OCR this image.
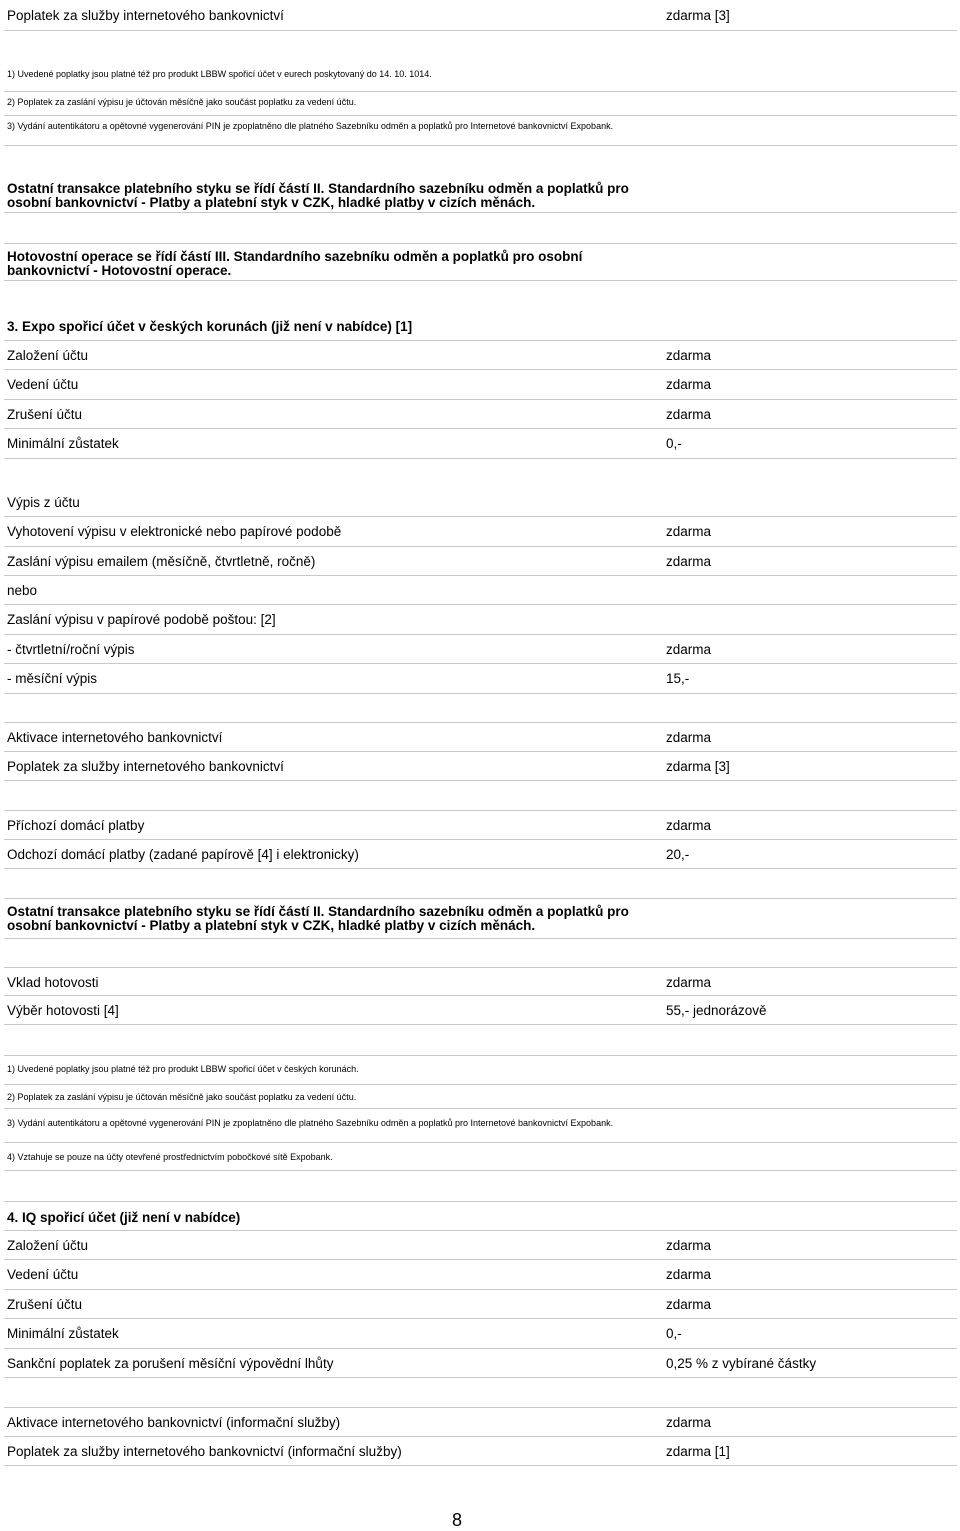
Poplatek za služby internetového bankovnictví	zdarma [3]
1) Uvedené poplatky jsou platné též pro produkt LBBW spořicí účet v eurech poskytovaný do 14. 10. 1014.
2) Poplatek za zaslání výpisu je účtován měsíčně jako součást poplatku za vedení účtu.
3) Vydání autentikátoru a opětovné vygenerování PIN je zpoplatněno dle platného Sazebníku odměn a poplatků pro Internetové bankovnictví Expobank.
Ostatní transakce platebního styku se řídí částí II. Standardního sazebníku odměn a poplatků pro osobní bankovnictví - Platby a platební styk v CZK, hladké platby v cizích měnách.
Hotovostní operace se řídí částí III. Standardního sazebníku odměn a poplatků pro osobní bankovnictví - Hotovostní operace.
3. Expo spořicí účet v českých korunách (již není v nabídce) [1]
Založení účtu	zdarma
Vedení účtu	zdarma
Zrušení účtu	zdarma
Minimální zůstatek	0,-
Výpis z účtu
Vyhotovení výpisu v elektronické nebo papírové podobě	zdarma
Zaslání výpisu emailem (měsíčně, čtvrtletně, ročně)	zdarma
nebo
Zaslání výpisu v papírové podobě poštou: [2]
- čtvrtletní/roční výpis	zdarma
- měsíční výpis	15,-
Aktivace internetového bankovnictví	zdarma
Poplatek za služby internetového bankovnictví	zdarma [3]
Příchozí domácí platby	zdarma
Odchozí domácí platby (zadané papírově [4] i elektronicky)	20,-
Ostatní transakce platebního styku se řídí částí II. Standardního sazebníku odměn a poplatků pro osobní bankovnictví - Platby a platební styk v CZK, hladké platby v cizích měnách.
Vklad hotovosti	zdarma
Výběr hotovosti [4]	55,- jednorázově
1) Uvedené poplatky jsou platné též pro produkt LBBW spořicí účet v českých korunách.
2) Poplatek za zaslání výpisu je účtován měsíčně jako součást poplatku za vedení účtu.
3) Vydání autentikátoru a opětovné vygenerování PIN je zpoplatněno dle platného Sazebníku odměn a poplatků pro Internetové bankovnictví Expobank.
4) Vztahuje se pouze na účty otevřené prostřednictvím pobočkové sítě Expobank.
4. IQ spořicí účet (již není v nabídce)
Založení účtu	zdarma
Vedení účtu	zdarma
Zrušení účtu	zdarma
Minimální zůstatek	0,-
Sankční poplatek za porušení měsíční výpovědní lhůty	0,25 % z vybírané částky
Aktivace internetového bankovnictví (informační služby)	zdarma
Poplatek za služby internetového bankovnictví (informační služby)	zdarma [1]
8
